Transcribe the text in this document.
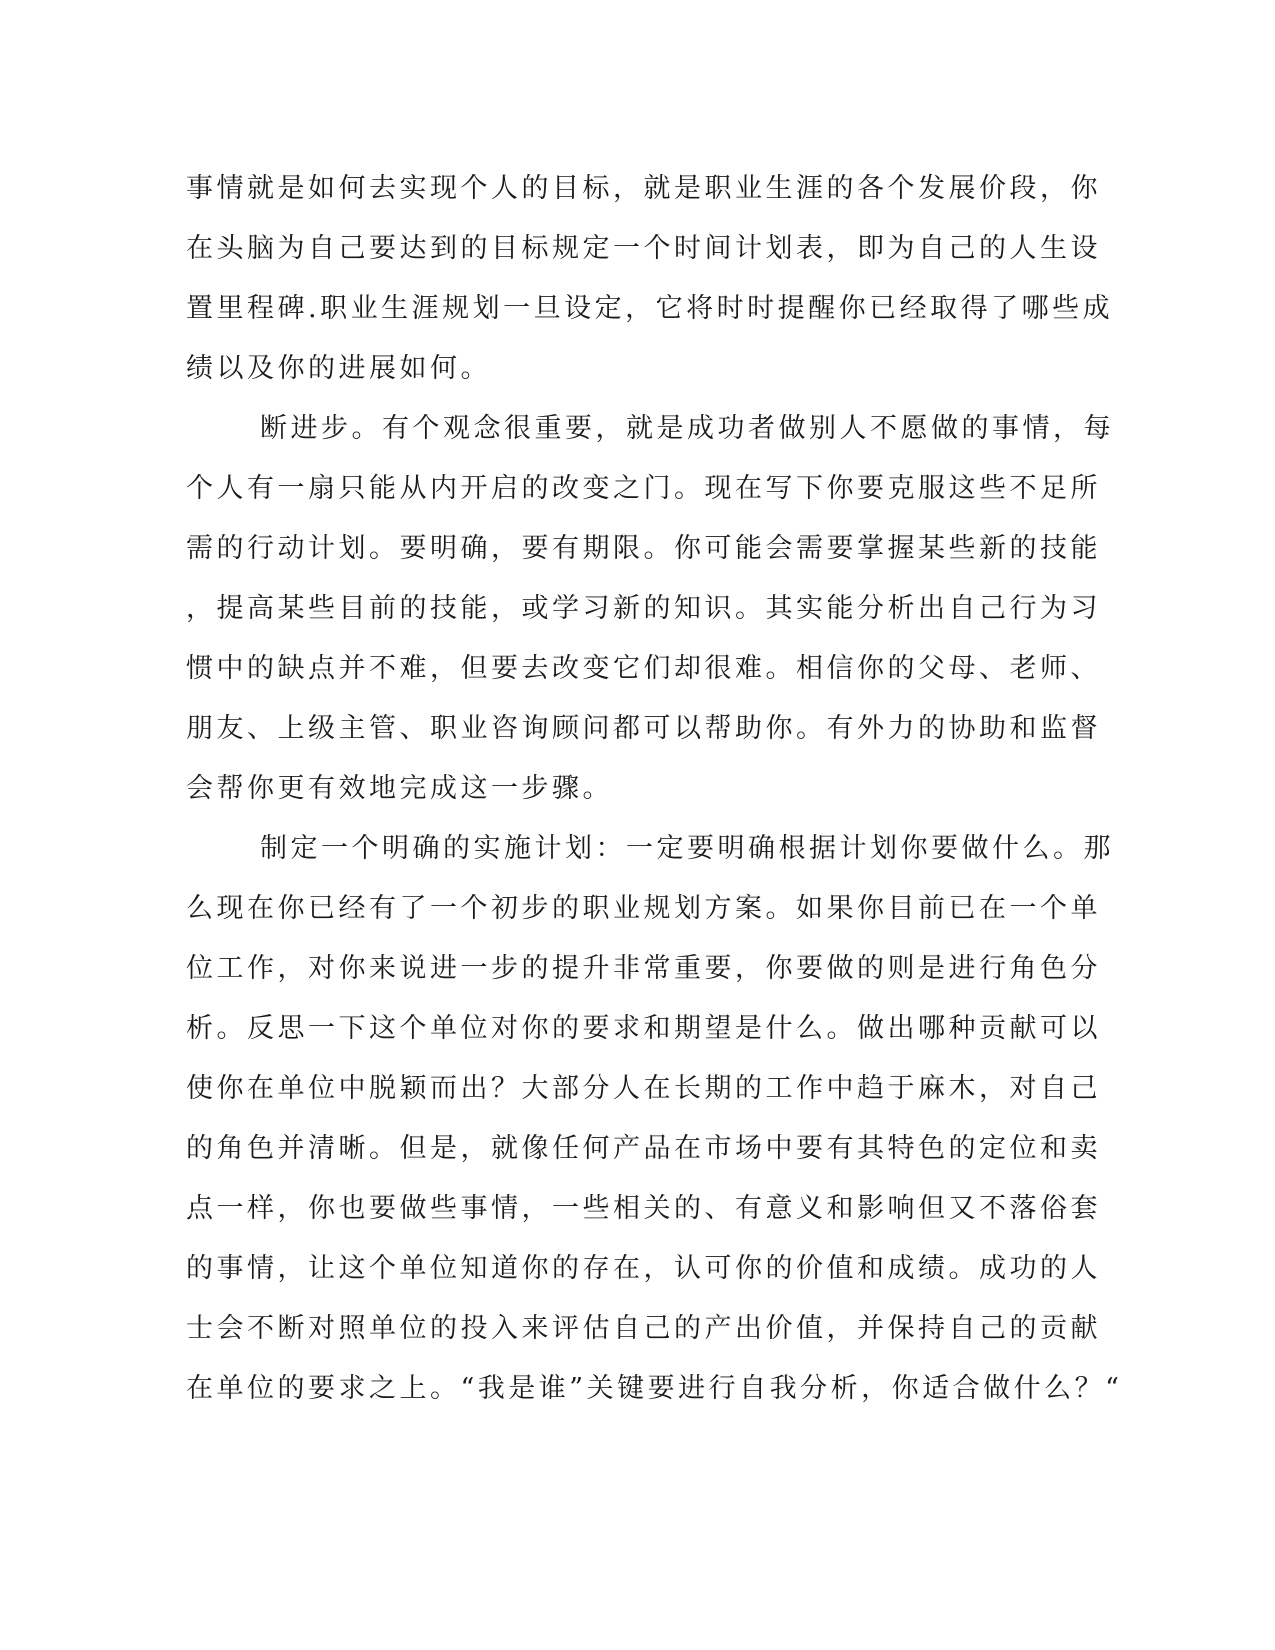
事情就是如何去实现个人的目标，就是职业生涯的各个发展价段，你
在头脑为自己要达到的目标规定一个时间计划表，即为自己的人生设
置里程碑.职业生涯规划一旦设定，它将时时提醒你已经取得了哪些成
绩以及你的进展如何。
断进步。有个观念很重要，就是成功者做别人不愿做的事情，每
个人有一扇只能从内开启的改变之门。现在写下你要克服这些不足所
需的行动计划。要明确，要有期限。你可能会需要掌握某些新的技能
，提高某些目前的技能，或学习新的知识。其实能分析出自己行为习
惯中的缺点并不难，但要去改变它们却很难。相信你的父母、老师、
朋友、上级主管、职业咨询顾问都可以帮助你。有外力的协助和监督
会帮你更有效地完成这一步骤。
制定一个明确的实施计划：一定要明确根据计划你要做什么。那
么现在你已经有了一个初步的职业规划方案。如果你目前已在一个单
位工作，对你来说进一步的提升非常重要，你要做的则是进行角色分
析。反思一下这个单位对你的要求和期望是什么。做出哪种贡献可以
使你在单位中脱颖而出？大部分人在长期的工作中趋于麻木，对自己
的角色并清晰。但是，就像任何产品在市场中要有其特色的定位和卖
点一样，你也要做些事情，一些相关的、有意义和影响但又不落俗套
的事情，让这个单位知道你的存在，认可你的价值和成绩。成功的人
士会不断对照单位的投入来评估自己的产出价值，并保持自己的贡献
在单位的要求之上。“我是谁”关键要进行自我分析，你适合做什么？“
